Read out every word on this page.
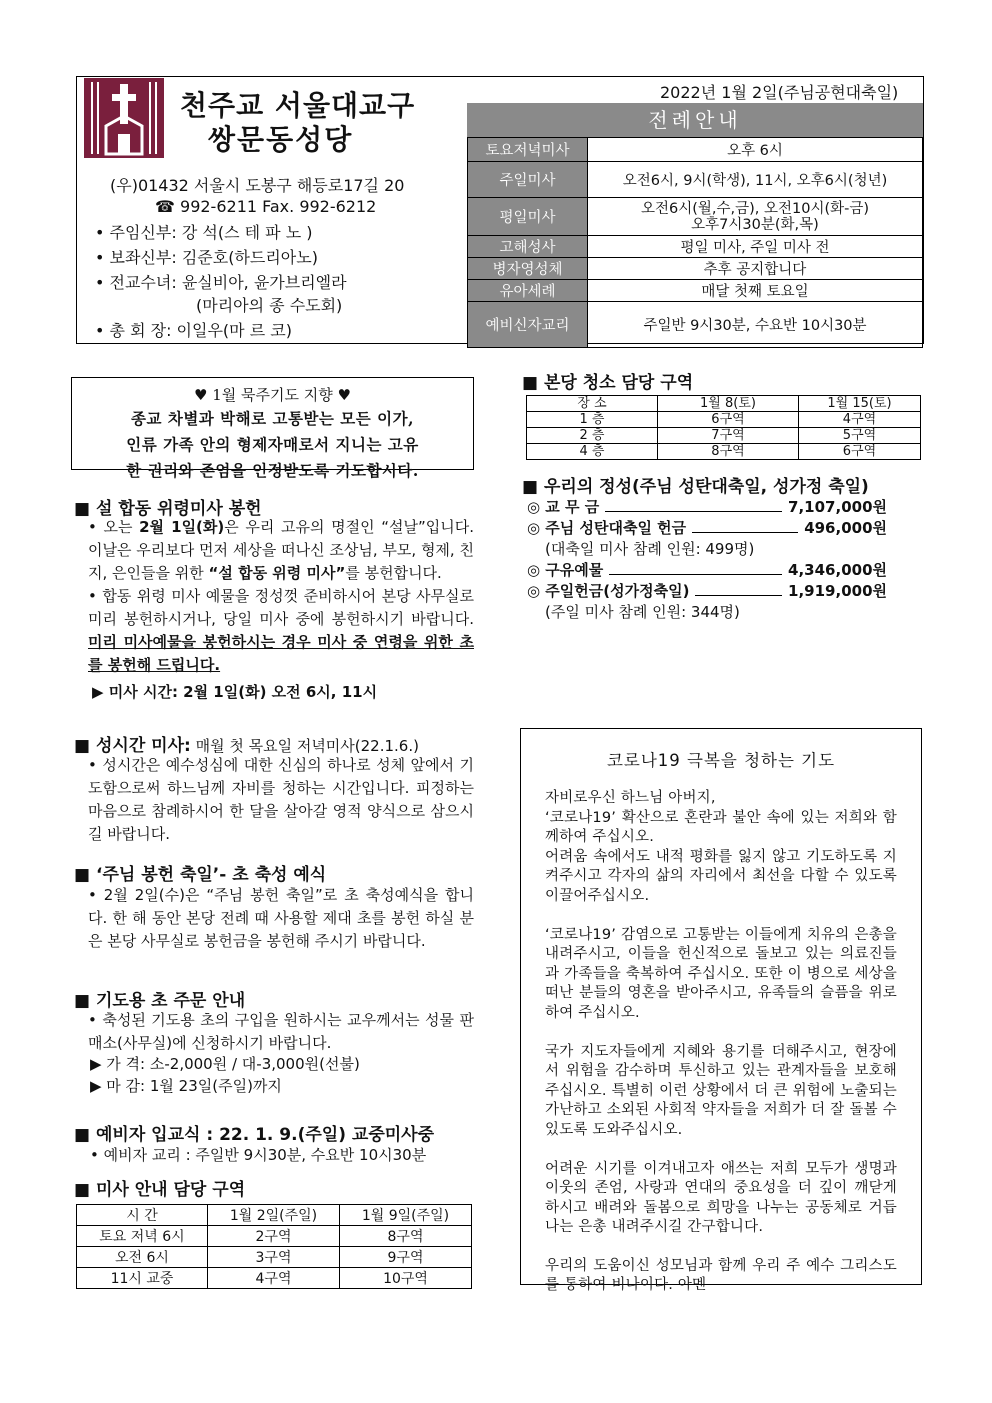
천주교 서울대교구
쌍문동성당
(우)01432 서울시 도봉구 해등로17길 20
☎ 992-6211 Fax. 992-6212
• 주임신부: 강 석(스 테 파 노 )
• 보좌신부: 김준호(하드리아노)
• 전교수녀: 윤실비아, 윤가브리엘라
(마리아의 종 수도회)
• 총 회 장: 이일우(마 르 코)
2022년 1월 2일(주님공현대축일)
전례안내
토요저녁미사	오후 6시
주일미사	오전6시, 9시(학생), 11시, 오후6시(청년)
평일미사	오전6시(월,수,금), 오전10시(화-금)
오후7시30분(화,목)

고해성사	평일 미사, 주일 미사 전
병자영성체	추후 공지합니다
유아세례	매달 첫째 토요일
예비신자교리	주일반 9시30분, 수요반 10시30분
♥ 1월 묵주기도 지향 ♥
종교 차별과 박해로 고통받는 모든 이가,
인류 가족 안의 형제자매로서 지니는 고유
한 권리와 존엄을 인정받도록 기도합시다.
■ 본당 청소 담당 구역
장 소	1월 8(토)	1월 15(토)
1 층	6구역	4구역
2 층	7구역	5구역
4 층	8구역	6구역
■ 우리의 정성(주님 성탄대축일, 성가정 축일)
◎ 교 무 금	7,107,000원
◎ 주님 성탄대축일 헌금	496,000원
(대축일 미사 참례 인원: 499명)
◎ 구유예물	4,346,000원
◎ 주일헌금(성가정축일)	1,919,000원
(주일 미사 참례 인원: 344명)
■ 설 합동 위령미사 봉헌
• 오는 2월 1일(화)은 우리 고유의 명절인 “설날”입니다. 이날은 우리보다 먼저 세상을 떠나신 조상님, 부모, 형제, 친지, 은인들을 위한 “설 합동 위령 미사”를 봉헌합니다.
• 합동 위령 미사 예물을 정성껏 준비하시어 본당 사무실로 미리 봉헌하시거나, 당일 미사 중에 봉헌하시기 바랍니다. 미리 미사예물을 봉헌하시는 경우 미사 중 연령을 위한 초를 봉헌해 드립니다.
▶ 미사 시간: 2월 1일(화) 오전 6시, 11시
■ 성시간 미사: 매월 첫 목요일 저녁미사(22.1.6.)
• 성시간은 예수성심에 대한 신심의 하나로 성체 앞에서 기도함으로써 하느님께 자비를 청하는 시간입니다. 피정하는 마음으로 참례하시어 한 달을 살아갈 영적 양식으로 삼으시길 바랍니다.
■ ‘주님 봉헌 축일’- 초 축성 예식
• 2월 2일(수)은 “주님 봉헌 축일”로 초 축성예식을 합니다. 한 해 동안 본당 전례 때 사용할 제대 초를 봉헌 하실 분은 본당 사무실로 봉헌금을 봉헌해 주시기 바랍니다.
■ 기도용 초 주문 안내
• 축성된 기도용 초의 구입을 원하시는 교우께서는 성물 판매소(사무실)에 신청하시기 바랍니다.
▶ 가 격: 소-2,000원 / 대-3,000원(선불)
▶ 마 감: 1월 23일(주일)까지
■ 예비자 입교식 : 22. 1. 9.(주일) 교중미사중
• 예비자 교리 : 주일반 9시30분, 수요반 10시30분
■ 미사 안내 담당 구역
시 간	1월 2일(주일)	1월 9일(주일)
토요 저녁 6시	2구역	8구역
오전 6시	3구역	9구역
11시 교중	4구역	10구역
코로나19 극복을 청하는 기도
자비로우신 하느님 아버지,
‘코로나19’ 확산으로 혼란과 불안 속에 있는 저희와 함께하여 주십시오.
어려움 속에서도 내적 평화를 잃지 않고 기도하도록 지켜주시고 각자의 삶의 자리에서 최선을 다할 수 있도록 이끌어주십시오.
‘코로나19’ 감염으로 고통받는 이들에게 치유의 은총을 내려주시고, 이들을 헌신적으로 돌보고 있는 의료진들과 가족들을 축복하여 주십시오. 또한 이 병으로 세상을 떠난 분들의 영혼을 받아주시고, 유족들의 슬픔을 위로하여 주십시오.
국가 지도자들에게 지혜와 용기를 더해주시고, 현장에서 위험을 감수하며 투신하고 있는 관계자들을 보호해주십시오. 특별히 이런 상황에서 더 큰 위험에 노출되는 가난하고 소외된 사회적 약자들을 저희가 더 잘 돌볼 수 있도록 도와주십시오.
어려운 시기를 이겨내고자 애쓰는 저희 모두가 생명과 이웃의 존엄, 사랑과 연대의 중요성을 더 깊이 깨닫게 하시고 배려와 돌봄으로 희망을 나누는 공동체로 거듭나는 은총 내려주시길 간구합니다.
우리의 도움이신 성모님과 함께 우리 주 예수 그리스도를 통하여 비나이다. 아멘
